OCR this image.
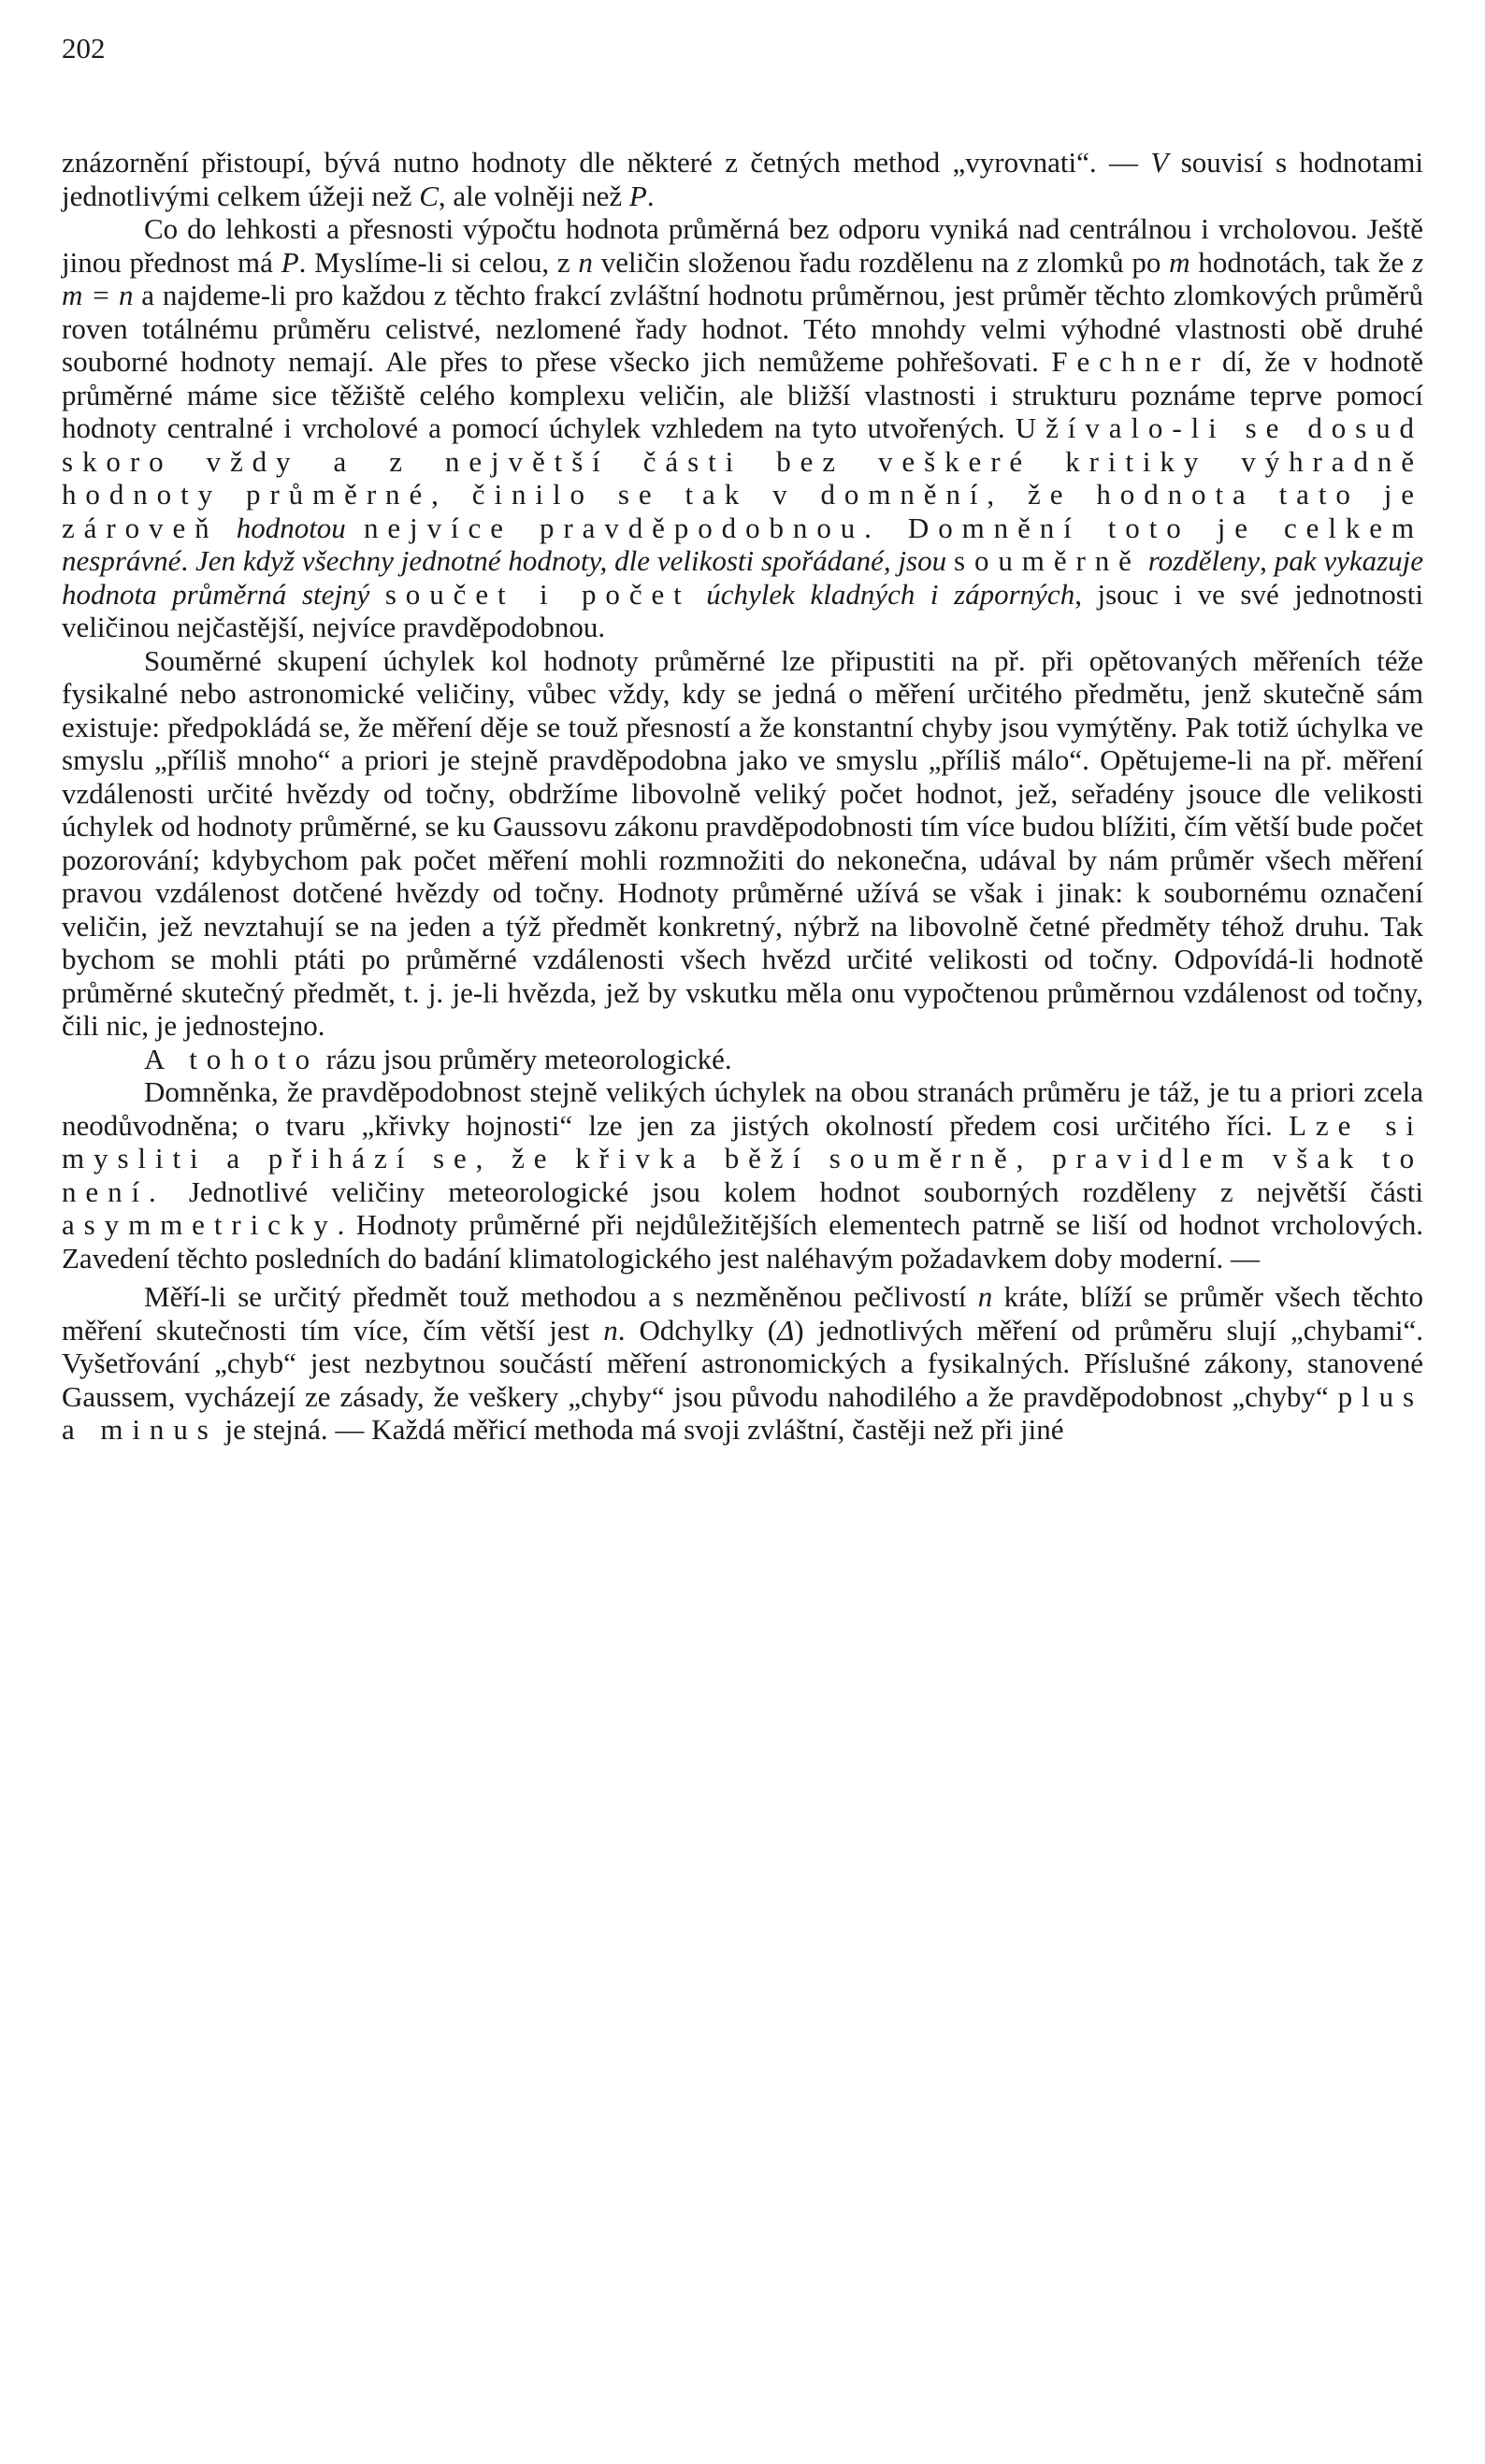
202

znázornění přistoupí, bývá nutno hodnoty dle některé z četných method „vyrovnati“. — V souvisí s hodnotami jednotlivými celkem úžeji než C, ale volněji než P.

Co do lehkosti a přesnosti výpočtu hodnota průměrná bez odporu vyniká nad centrálnou i vrcholovou. Ještě jinou přednost má P. Myslíme-li si celou, z n veličin složenou řadu rozdělenu na z zlomků po m hodnotách, tak že z m = n a najdeme-li pro každou z těchto frakcí zvláštní hodnotu průměrnou, jest průměr těchto zlomkových průměrů roven totálnému průměru celistvé, nezlomené řady hodnot. Této mnohdy velmi výhodné vlastnosti obě druhé souborné hodnoty nemají. Ale přes to přese všecko jich nemůžeme pohřešovati. Fechner dí, že v hodnotě průměrné máme sice těžiště celého komplexu veličin, ale bližší vlastnosti i strukturu poznáme teprve pomocí hodnoty centralné i vrcholové a pomocí úchylek vzhledem na tyto utvořených. Užívalo-li se dosud skoro vždy a z největší části bez veškeré kritiky výhradně hodnoty průměrné, činilo se tak v domnění, že hodnota tato je zároveň hodnotou nejvíce pravděpodobnou. Domnění toto je celkem nesprávné. Jen když všechny jednotné hodnoty, dle velikosti spořádané, jsou souměrně rozděleny, pak vykazuje hodnota průměrná stejný součet i počet úchylek kladných i záporných, jsouc i ve své jednotnosti veličinou nejčastější, nejvíce pravděpodobnou.

Souměrné skupení úchylek kol hodnoty průměrné lze připustiti na př. při opětovaných měřeních téže fysikalné nebo astronomické veličiny, vůbec vždy, kdy se jedná o měření určitého předmětu, jenž skutečně sám existuje: předpokládá se, že měření děje se touž přesností a že konstantní chyby jsou vymýtěny. Pak totiž úchylka ve smyslu „příliš mnoho“ a priori je stejně pravděpodobna jako ve smyslu „příliš málo“. Opětujeme-li na př. měření vzdálenosti určité hvězdy od točny, obdržíme libovolně veliký počet hodnot, jež, seřadény jsouce dle velikosti úchylek od hodnoty průměrné, se ku Gaussovu zákonu pravděpodobnosti tím více budou blížiti, čím větší bude počet pozorování; kdybychom pak počet měření mohli rozmnožiti do nekonečna, udával by nám průměr všech měření pravou vzdálenost dotčené hvězdy od točny. Hodnoty průměrné užívá se však i jinak: k soubornému označení veličin, jež nevztahují se na jeden a týž předmět konkretný, nýbrž na libovolně četné předměty téhož druhu. Tak bychom se mohli ptáti po průměrné vzdálenosti všech hvězd určité velikosti od točny. Odpovídá-li hodnotě průměrné skutečný předmět, t. j. je-li hvězda, jež by vskutku měla onu vypočtenou průměrnou vzdálenost od točny, čili nic, je jednostejno.

A tohoto rázu jsou průměry meteorologické.

Domněnka, že pravděpodobnost stejně velikých úchylek na obou stranách průměru je táž, je tu a priori zcela neodůvodněna; o tvaru „křivky hojnosti“ lze jen za jistých okolností předem cosi určitého říci. Lze si mysliti a přihází se, že křivka běží souměrně, pravidlem však to není. Jednotlivé veličiny meteorologické jsou kolem hodnot souborných rozděleny z největší části asymmetricky. Hodnoty průměrné při nejdůležitějších elementech patrně se liší od hodnot vrcholových. Zavedení těchto posledních do badání klimatologického jest naléhavým požadavkem doby moderní. —

Měří-li se určitý předmět touž methodou a s nezměněnou pečlivostí n kráte, blíží se průměr všech těchto měření skutečnosti tím více, čím větší jest n. Odchylky (Δ) jednotlivých měření od průměru slují „chybami“. Vyšetřování „chyb“ jest nezbytnou součástí měření astronomických a fysikalných. Příslušné zákony, stanovené Gaussem, vycházejí ze zásady, že veškery „chyby“ jsou původu nahodilého a že pravděpodobnost „chyby“ plus a minus je stejná. — Každá měřicí methoda má svoji zvláštní, častěji než při jiné
